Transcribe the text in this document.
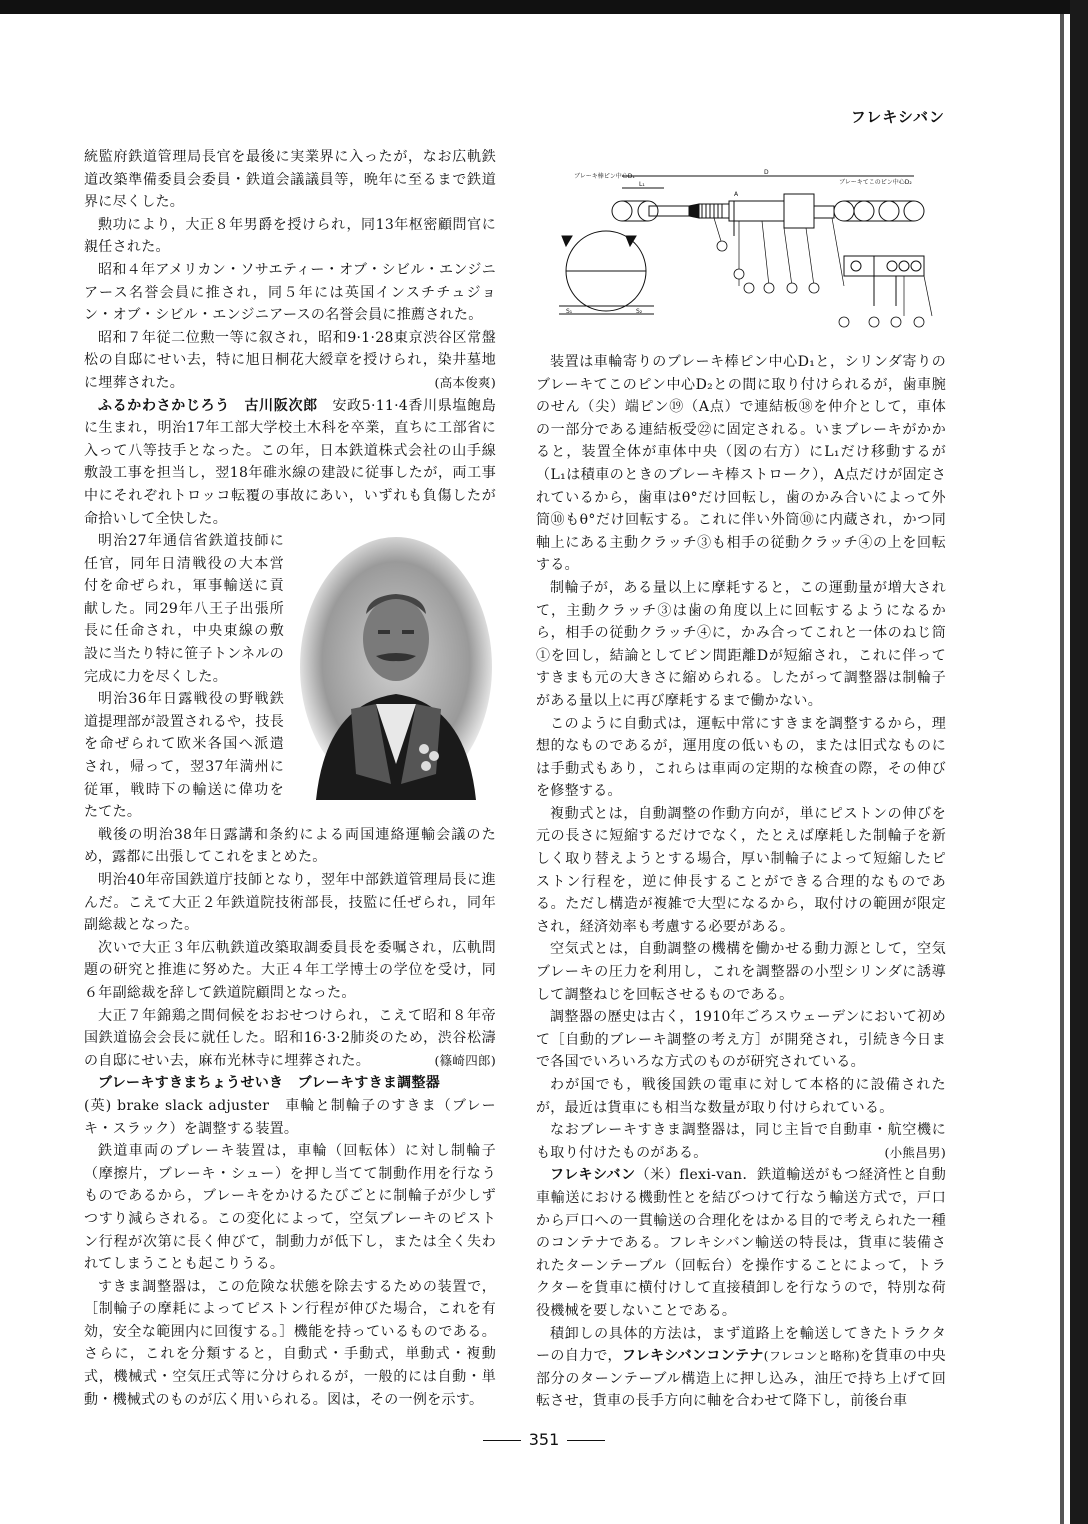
フレキシバン

統監府鉄道管理局長官を最後に実業界に入ったが，なお広軌鉄道改築準備委員会委員・鉄道会議議員等，晩年に至るまで鉄道界に尽くした。

勲功により，大正８年男爵を授けられ，同13年枢密顧問官に親任された。

昭和４年アメリカン・ソサエティー・オブ・シビル・エンジニアース名誉会員に推され，同５年には英国インスチチュジョン・オブ・シビル・エンジニアースの名誉会員に推薦された。

昭和７年従二位勲一等に叙され，昭和9·1·28東京渋谷区常盤松の自邸にせい去，特に旭日桐花大綬章を授けられ，染井墓地に埋葬された。	(高本俊爽)

ふるかわさかじろう　古川阪次郎　安政5·11·4香川県塩飽島に生まれ，明治17年工部大学校土木科を卒業，直ちに工部省に入って八等技手となった。この年，日本鉄道株式会社の山手線敷設工事を担当し，翌18年碓氷線の建設に従事したが，両工事中にそれぞれトロッコ転覆の事故にあい，いずれも負傷したが命拾いして全快した。

明治27年通信省鉄道技師に任官，同年日清戦役の大本営付を命ぜられ，軍事輸送に貢献した。同29年八王子出張所長に任命され，中央東線の敷設に当たり特に笹子トンネルの完成に力を尽くした。

明治36年日露戦役の野戦鉄道提理部が設置されるや，技長を命ぜられて欧米各国へ派遣され，帰って，翌37年満州に従軍，戦時下の輸送に偉功をたてた。

戦後の明治38年日露講和条約による両国連絡運輸会議のため，露都に出張してこれをまとめた。

明治40年帝国鉄道庁技師となり，翌年中部鉄道管理局長に進んだ。こえて大正２年鉄道院技術部長，技監に任ぜられ，同年副総裁となった。

次いで大正３年広軌鉄道改築取調委員長を委嘱され，広軌問題の研究と推進に努めた。大正４年工学博士の学位を受け，同６年副総裁を辞して鉄道院顧問となった。

大正７年錦鶏之間伺候をおおせつけられ，こえて昭和８年帝国鉄道協会会長に就任した。昭和16·3·2肺炎のため，渋谷松濤の自邸にせい去，麻布光林寺に埋葬された。	(篠崎四郎)

ブレーキすきまちょうせいき　ブレーキすきま調整器

(英) brake slack adjuster　車輪と制輪子のすきま（ブレーキ・スラック）を調整する装置。

鉄道車両のブレーキ装置は，車輪（回転体）に対し制輪子（摩擦片，ブレーキ・シュー）を押し当てて制動作用を行なうものであるから，ブレーキをかけるたびごとに制輪子が少しずつすり減らされる。この変化によって，空気ブレーキのピストン行程が次第に長く伸びて，制動力が低下し，または全く失われてしまうことも起こりうる。

すきま調整器は，この危険な状態を除去するための装置で，［制輪子の摩耗によってピストン行程が伸びた場合，これを有効，安全な範囲内に回復する。］機能を持っているものである。さらに，これを分類すると，自動式・手動式，単動式・複動式，機械式・空気圧式等に分けられるが，一般的には自動・単動・機械式のものが広く用いられる。図は，その一例を示す。

S₁	S₂
D
L₁
ブレーキ棒ピン中心D₁
ブレーキてこのピン中心D₂
A

装置は車輪寄りのブレーキ棒ピン中心D₁と，シリンダ寄りのブレーキてこのピン中心D₂との間に取り付けられるが，歯車腕のせん（尖）端ピン⑲（A点）で連結板⑱を仲介として，車体の一部分である連結板受㉒に固定される。いまブレーキがかかると，装置全体が車体中央（図の右方）にL₁だけ移動するが（L₁は積車のときのブレーキ棒ストローク），A点だけが固定されているから，歯車はθ°だけ回転し，歯のかみ合いによって外筒⑩もθ°だけ回転する。これに伴い外筒⑩に内蔵され，かつ同軸上にある主動クラッチ③も相手の従動クラッチ④の上を回転する。

制輪子が，ある量以上に摩耗すると，この運動量が増大されて，主動クラッチ③は歯の角度以上に回転するようになるから，相手の従動クラッチ④に，かみ合ってこれと一体のねじ筒①を回し，結論としてピン間距離Dが短縮され，これに伴ってすきまも元の大きさに縮められる。したがって調整器は制輪子がある量以上に再び摩耗するまで働かない。

このように自動式は，運転中常にすきまを調整するから，理想的なものであるが，運用度の低いもの，または旧式なものには手動式もあり，これらは車両の定期的な検査の際，その伸びを修整する。

複動式とは，自動調整の作動方向が，単にピストンの伸びを元の長さに短縮するだけでなく，たとえば摩耗した制輪子を新しく取り替えようとする場合，厚い制輪子によって短縮したピストン行程を，逆に伸長することができる合理的なものである。ただし構造が複雑で大型になるから，取付けの範囲が限定され，経済効率も考慮する必要がある。

空気式とは，自動調整の機構を働かせる動力源として，空気ブレーキの圧力を利用し，これを調整器の小型シリンダに誘導して調整ねじを回転させるものである。

調整器の歴史は古く，1910年ごろスウェーデンにおいて初めて［自動的ブレーキ調整の考え方］が開発され，引続き今日まで各国でいろいろな方式のものが研究されている。

わが国でも，戦後国鉄の電車に対して本格的に設備されたが，最近は貨車にも相当な数量が取り付けられている。

なおブレーキすきま調整器は，同じ主旨で自動車・航空機にも取り付けたものがある。	(小熊昌男)

フレキシバン（米）flexi-van．鉄道輸送がもつ経済性と自動車輸送における機動性とを結びつけて行なう輸送方式で，戸口から戸口への一貫輸送の合理化をはかる目的で考えられた一種のコンテナである。フレキシバン輸送の特長は，貨車に装備されたターンテーブル（回転台）を操作することによって，トラクターを貨車に横付けして直接積卸しを行なうので，特別な荷役機械を要しないことである。

積卸しの具体的方法は，まず道路上を輸送してきたトラクターの自力で，フレキシバンコンテナ(フレコンと略称)を貨車の中央部分のターンテーブル構造上に押し込み，油圧で持ち上げて回転させ，貨車の長手方向に軸を合わせて降下し，前後台車

351
